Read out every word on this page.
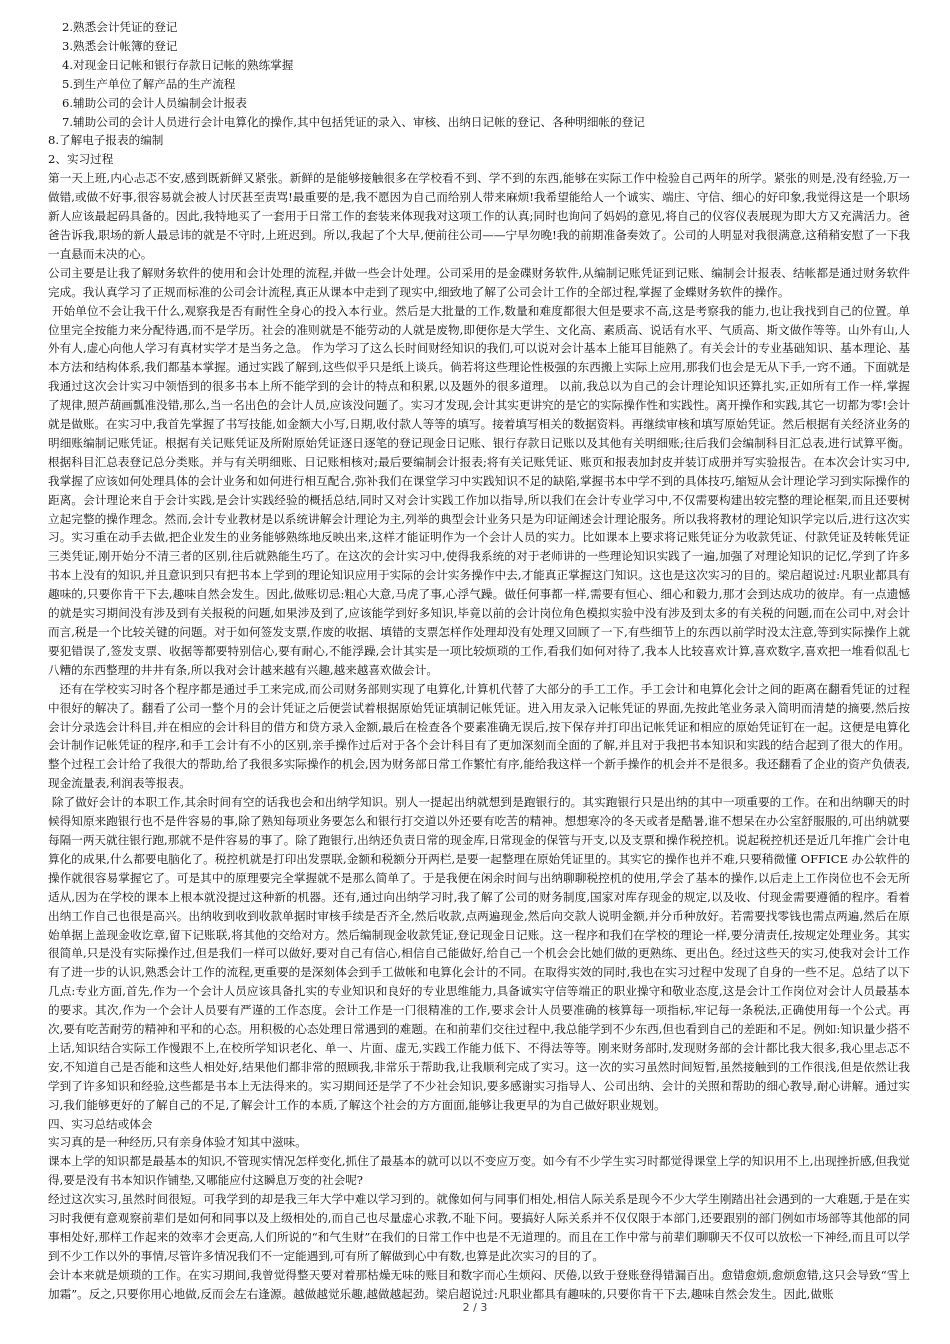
2.熟悉会计凭证的登记

3.熟悉会计帐簿的登记

4.对现金日记帐和银行存款日记帐的熟练掌握

5.到生产单位了解产品的生产流程

6.辅助公司的会计人员编制会计报表

7.辅助公司的会计人员进行会计电算化的操作,其中包括凭证的录入、审核、出纳日记帐的登记、各种明细帐的登记

8.了解电子报表的编制

2、实习过程

第一天上班,内心忐忑不安,感到既新鲜又紧张。新鲜的是能够接触很多在学校看不到、学不到的东西,能够在实际工作中检验自己两年的所学。紧张的则是,没有经验,万一做错,或做不好事,很容易就会被人讨厌甚至责骂!最重要的是,我不愿因为自己而给别人带来麻烦!我希望能给人一个诚实、端庄、守信、细心的好印象,我觉得这是一个职场新人应该最起码具备的。因此,我特地买了一套用于日常工作的套装来体现我对这项工作的认真;同时也询问了妈妈的意见,将自己的仪容仪表展现为即大方又充满活力。爸爸告诉我,职场的新人最忌讳的就是不守时,上班迟到。所以,我起了个大早,便前往公司——宁早勿晚!我的前期准备奏效了。公司的人明显对我很满意,这稍稍安慰了一下我一直悬而未决的心。

公司主要是让我了解财务软件的使用和会计处理的流程,并做一些会计处理。公司采用的是金碟财务软件,从编制记账凭证到记账、编制会计报表、结帐都是通过财务软件完成。我认真学习了正规而标准的公司会计流程,真正从课本中走到了现实中,细致地了解了公司会计工作的全部过程,掌握了金蝶财务软件的操作。

开始单位不会让我干什么,观察我是否有耐性全身心的投入本行业。然后是大批量的工作,数量和难度都很大但是要求不高,这是考察我的能力,也让我找到自己的位置。单位里完全按能力来分配待遇,而不是学历。社会的准则就是不能劳动的人就是废物,即便你是大学生、文化高、素质高、说话有水平、气质高、斯文做作等等。山外有山,人外有人,虚心向他人学习有真材实学才是当务之急。 作为学习了这么长时间财经知识的我们,可以说对会计基本上能耳目能熟了。有关会计的专业基础知识、基本理论、基本方法和结构体系,我们都基本掌握。通过实践了解到,这些似乎只是纸上谈兵。倘若将这些理论性极强的东西搬上实际上应用,那我们也会是无从下手,一窍不通。下面就是我通过这次会计实习中领悟到的很多书本上所不能学到的会计的特点和积累,以及题外的很多道理。 以前,我总以为自己的会计理论知识还算扎实,正如所有工作一样,掌握了规律,照芦葫画瓢准没错,那么,当一名出色的会计人员,应该没问题了。实习才发现,会计其实更讲究的是它的实际操作性和实践性。离开操作和实践,其它一切都为零!会计就是做账。在实习中,我首先掌握了书写技能,如金额大小写,日期,收付款人等等的填写。接着填写相关的数据资料。再继续审核和填写原始凭证。然后根据有关经济业务的明细账编制记账凭证。根据有关记账凭证及所附原始凭证逐日逐笔的登记现金日记账、银行存款日记账以及其他有关明细账;往后我们会编制科目汇总表,进行试算平衡。根据科目汇总表登记总分类账。并与有关明细账、日记账相核对;最后要编制会计报表;将有关记账凭证、账页和报表加封皮并装订成册并写实验报告。在本次会计实习中,我掌握了应该如何处理具体的会计业务和如何进行相互配合,弥补我们在课堂学习中实践知识不足的缺陷,掌握书本中学不到的具体技巧,缩短从会计理论学习到实际操作的距离。会计理论来自于会计实践,是会计实践经验的概括总结,同时又对会计实践工作加以指导,所以我们在会计专业学习中,不仅需要构建出较完整的理论框架,而且还要树立起完整的操作理念。然而,会计专业教材是以系统讲解会计理论为主,列举的典型会计业务只是为印证阐述会计理论服务。所以我将教材的理论知识学完以后,进行这次实习。实习重在动手去做,把企业发生的业务能够熟练地反映出来,这样才能证明作为一个会计人员的实力。比如课本上要求将记账凭证分为收款凭证、付款凭证及转帐凭证三类凭证,刚开始分不清三者的区别,往后就熟能生巧了。在这次的会计实习中,使得我系统的对于老师讲的一些理论知识实践了一遍,加强了对理论知识的记忆,学到了许多书本上没有的知识,并且意识到只有把书本上学到的理论知识应用于实际的会计实务操作中去,才能真正掌握这门知识。这也是这次实习的目的。梁启超说过:凡职业都具有趣味的,只要你肯干下去,趣味自然会发生。因此,做账切忌:粗心大意,马虎了事,心浮气躁。做任何事都一样,需要有恒心、细心和毅力,那才会到达成功的彼岸。有一点遗憾的就是实习期间没有涉及到有关报税的问题,如果涉及到了,应该能学到好多知识,毕竟以前的会计岗位角色模拟实验中没有涉及到太多的有关税的问题,而在公司中,对会计而言,税是一个比较关键的问题。对于如何签发支票,作废的收据、填错的支票怎样作处理却没有处理又回顾了一下,有些细节上的东西以前学时没太注意,等到实际操作上就要犯错误了,签发支票、收据等都要特别信心,要有耐心,不能浮躁,会计其实是一项比较烦琐的工作,看我们如何对待了,我本人比较喜欢计算,喜欢数字,喜欢把一堆看似乱七八糟的东西整理的井井有条,所以我对会计越来越有兴趣,越来越喜欢做会计。

还有在学校实习时各个程序都是通过手工来完成,而公司财务部则实现了电算化,计算机代替了大部分的手工工作。手工会计和电算化会计之间的距离在翻看凭证的过程中很好的解决了。翻看了公司一整个月的会计凭证之后便尝试着根据原始凭证填制记帐凭证。进入用友录入记帐凭证的界面,先按此笔业务录入简明而清楚的摘要,然后按会计分录选会计科目,并在相应的会计科目的借方和贷方录入金额,最后在检查各个要素准确无误后,按下保存并打印出记帐凭证和相应的原始凭证钉在一起。这便是电算化会计制作记帐凭证的程序,和手工会计有不小的区别,亲手操作过后对于各个会计科目有了更加深刻而全面的了解,并且对于我把书本知识和实践的结合起到了很大的作用。整个过程工会计给了我很大的帮助,给了我很多实际操作的机会,因为财务部日常工作繁忙有序,能给我这样一个新手操作的机会并不是很多。我还翻看了企业的资产负债表,现金流量表,利润表等报表。

除了做好会计的本职工作,其余时间有空的话我也会和出纳学知识。别人一提起出纳就想到是跑银行的。其实跑银行只是出纳的其中一项重要的工作。在和出纳聊天的时候得知原来跑银行也不是件容易的事,除了熟知每项业务要怎么和银行打交道以外还要有吃苦的精神。想想寒冷的冬天或者是酷暑,谁不想呆在办公室舒服服的,可出纳就要每隔一两天就往银行跑,那就不是件容易的事了。除了跑银行,出纳还负责日常的现金库,日常现金的保管与开支,以及支票和操作税控机。说起税控机还是近几年推广会计电算化的成果,什么都要电脑化了。税控机就是打印出发票联,金额和税额分开两栏,是要一起整理在原始凭证里的。其实它的操作也并不难,只要稍微懂 OFFICE 办公软件的操作就很容易掌握它了。可是其中的原理要完全掌握就不是那么简单了。于是我便在闲余时间与出纳聊聊税控机的使用,学会了基本的操作,以后走上工作岗位也不会无所适从,因为在学校的课本上根本就没提过这种新的机器。还有,通过向出纳学习时,我了解了公司的财务制度,国家对库存现金的规定,以及收、付现金需要遵循的程序。看着出纳工作自己也很是高兴。出纳收到收到收款单据时审核手续是否齐全,然后收款,点两遍现金,然后向交款人说明金额,并分币种放好。若需要找零钱也需点两遍,然后在原始单据上盖现金收讫章,留下记账联,将其他的交给对方。然后编制现金收款凭证,登记现金日记账。这一程序和我们在学校的理论一样,要分清责任,按规定处理业务。其实很简单,只是没有实际操作过,但是我们一样可以做好,要对自己有信心,相信自己能做好,给自己一个机会会比她们做的更熟练、更出色。经过这些天的实习,使我对会计工作有了进一步的认识,熟悉会计工作的流程,更重要的是深刻体会到手工做帐和电算化会计的不同。在取得实效的同时,我也在实习过程中发现了自身的一些不足。总结了以下几点:专业方面,首先,作为一个会计人员应该具备扎实的专业知识和良好的专业思维能力,具备诚实守信等端正的职业操守和敬业态度,这是会计工作岗位对会计人员最基本的要求。其次,作为一个会计人员要有严谨的工作态度。会计工作是一门很精准的工作,要求会计人员要准确的核算每一项指标,牢记每一条税法,正确使用每一个公式。再次,要有吃苦耐劳的精神和平和的心态。用积极的心态处理日常遇到的难题。在和前辈们交往过程中,我总能学到不少东西,但也看到自己的差距和不足。例如:知识量少搭不上话,知识结合实际工作慢跟不上,在校所学知识老化、单一、片面、虚无,实践工作能力低下、不得法等等。刚来财务部时,发现财务部的会计都比我大很多,我心里忐忑不安,不知道自己是否能和这些人相处好,结果他们都非常的照顾我,非常乐于帮助我,让我顺利完成了实习。这一次的实习虽然时间短暂,虽然接触到的工作很浅,但是依然让我学到了许多知识和经验,这些都是书本上无法得来的。实习期间还是学了不少社会知识,要多感谢实习指导人、公司出纳、会计的关照和帮助的细心教导,耐心讲解。通过实习,我们能够更好的了解自己的不足,了解会计工作的本质,了解这个社会的方方面面,能够让我更早的为自己做好职业规划。

四、实习总结或体会

实习真的是一种经历,只有亲身体验才知其中滋味。

课本上学的知识都是最基本的知识,不管现实情况怎样变化,抓住了最基本的就可以以不变应万变。如今有不少学生实习时都觉得课堂上学的知识用不上,出现挫折感,但我觉得,要是没有书本知识作铺垫,又哪能应付这瞬息万变的社会呢?

经过这次实习,虽然时间很短。可我学到的却是我三年大学中难以学习到的。就像如何与同事们相处,相信人际关系是现今不少大学生刚踏出社会遇到的一大难题,于是在实习时我便有意观察前辈们是如何和同事以及上级相处的,而自己也尽量虚心求教,不耻下问。要搞好人际关系并不仅仅限于本部门,还要跟别的部门例如市场部等其他部的同事相处好,那样工作起来的效率才会更高,人们所说的“和气生财”在我们的日常工作中也是不无道理的。而且在工作中常与前辈们聊聊天不仅可以放松一下神经,而且可以学到不少工作以外的事情,尽管许多情况我们不一定能遇到,可有所了解做到心中有数,也算是此次实习的目的了。

会计本来就是烦琐的工作。在实习期间,我曾觉得整天要对着那枯燥无味的账目和数字而心生烦闷、厌倦,以致于登账登得错漏百出。愈错愈烦,愈烦愈错,这只会导致“雪上加霜”。反之,只要你用心地做,反而会左右逢源。越做越觉乐趣,越做越起劲。梁启超说过:凡职业都具有趣味的,只要你肯干下去,趣味自然会发生。因此,做账

2 / 3
